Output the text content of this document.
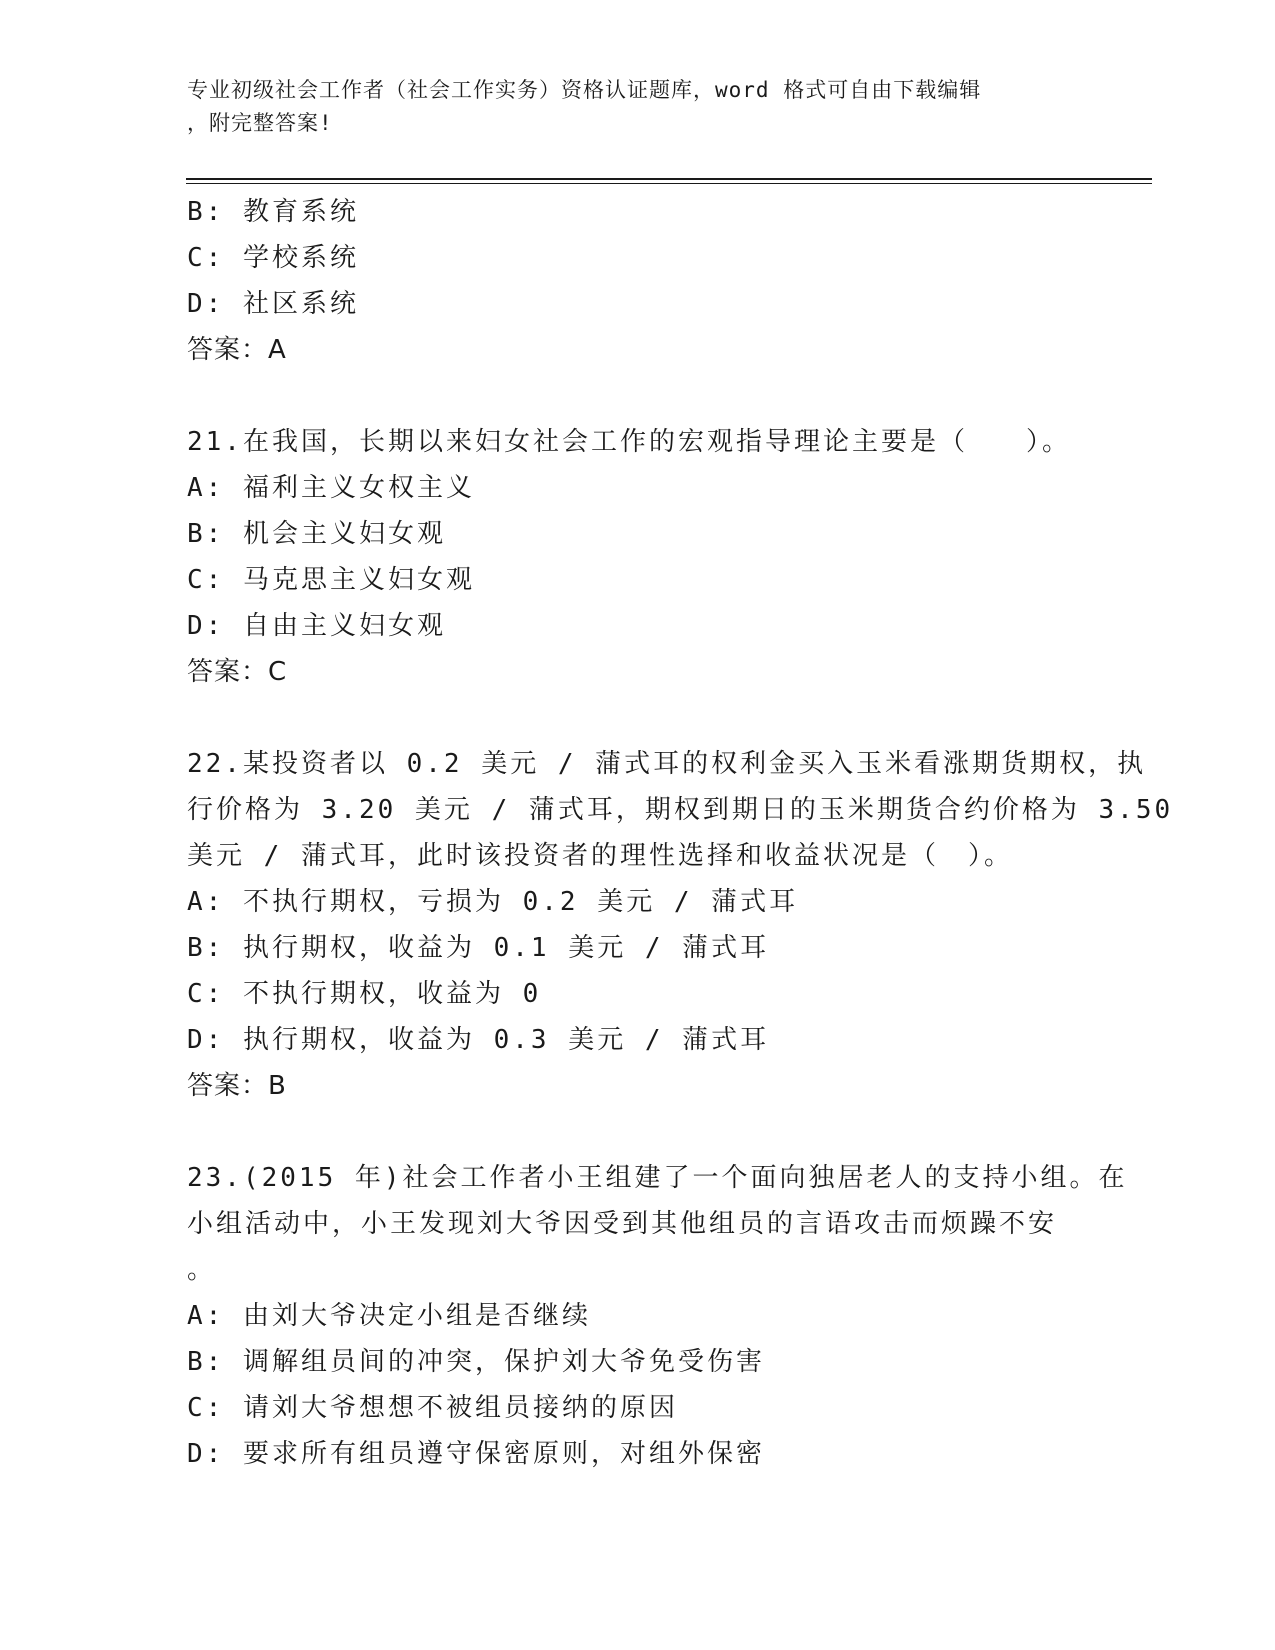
专业初级社会工作者（社会工作实务）资格认证题库，word 格式可自由下载编辑
，附完整答案!
B: 教育系统
C: 学校系统
D: 社区系统
答案：A
21.在我国，长期以来妇女社会工作的宏观指导理论主要是（　　）。
A: 福利主义女权主义
B: 机会主义妇女观
C: 马克思主义妇女观
D: 自由主义妇女观
答案：C
22.某投资者以 0.2 美元 / 蒲式耳的权利金买入玉米看涨期货期权，执
行价格为 3.20 美元 / 蒲式耳，期权到期日的玉米期货合约价格为 3.50
美元 / 蒲式耳，此时该投资者的理性选择和收益状况是（　）。
A: 不执行期权，亏损为 0.2 美元 / 蒲式耳
B: 执行期权，收益为 0.1 美元 / 蒲式耳
C: 不执行期权，收益为 0
D: 执行期权，收益为 0.3 美元 / 蒲式耳
答案：B
23.(2015 年)社会工作者小王组建了一个面向独居老人的支持小组。在
小组活动中，小王发现刘大爷因受到其他组员的言语攻击而烦躁不安
。
A: 由刘大爷决定小组是否继续
B: 调解组员间的冲突，保护刘大爷免受伤害
C: 请刘大爷想想不被组员接纳的原因
D: 要求所有组员遵守保密原则，对组外保密
